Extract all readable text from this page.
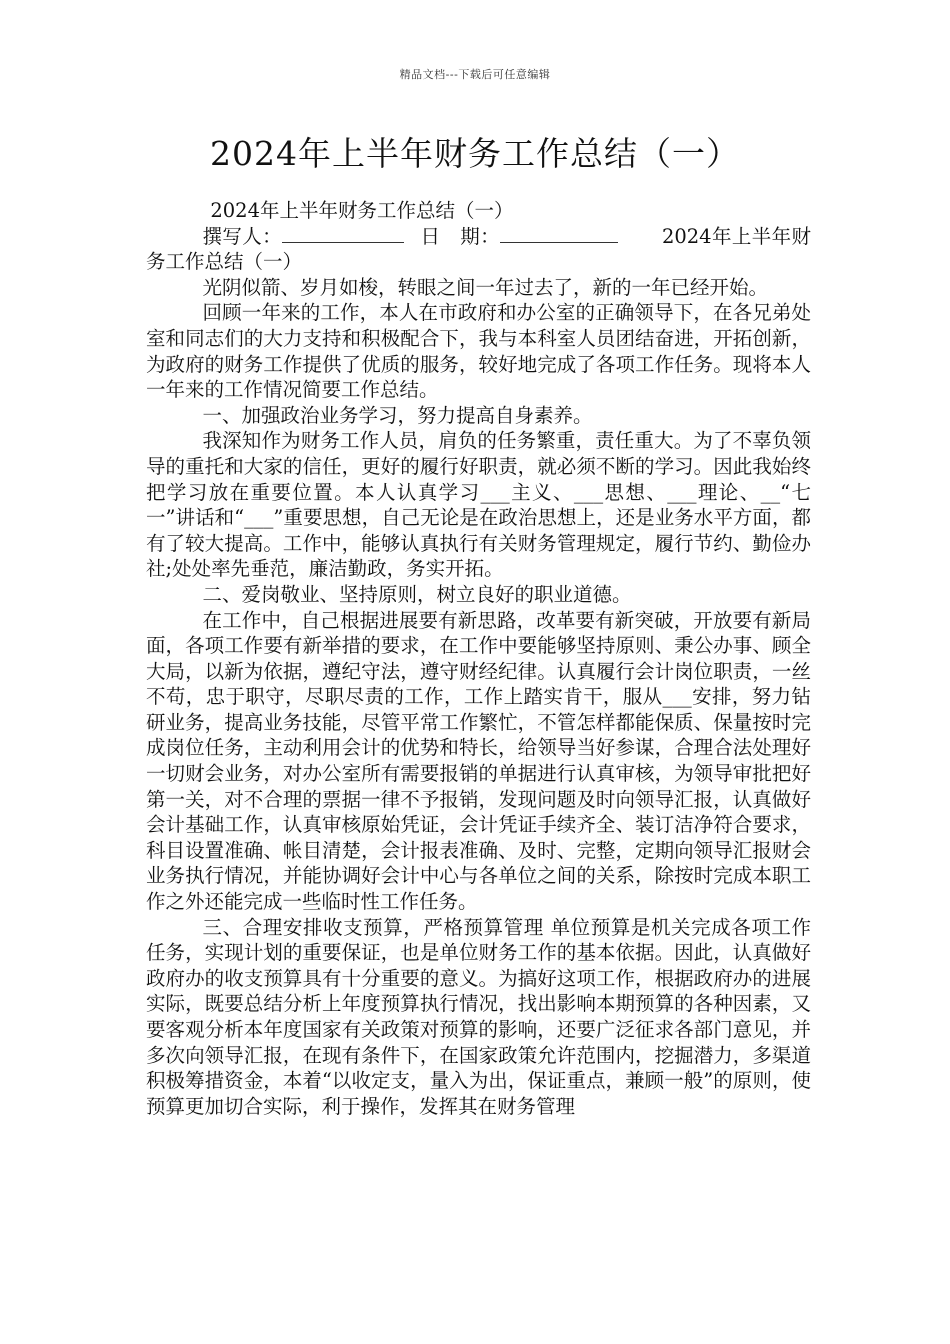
精品文档---下载后可任意编辑
2024年上半年财务工作总结（一）

2024年上半年财务工作总结（一）

撰写人：	日　期：	2024年上半年财务工作总结（一）

光阴似箭、岁月如梭，转眼之间一年过去了，新的一年已经开始。

回顾一年来的工作，本人在市政府和办公室的正确领导下，在各兄弟处室和同志们的大力支持和积极配合下，我与本科室人员团结奋进，开拓创新，为政府的财务工作提供了优质的服务，较好地完成了各项工作任务。现将本人一年来的工作情况简要工作总结。

一、加强政治业务学习，努力提高自身素养。

我深知作为财务工作人员，肩负的任务繁重，责任重大。为了不辜负领导的重托和大家的信任，更好的履行好职责，就必须不断的学习。因此我始终把学习放在重要位置。本人认真学习___主义、___思想、___理论、__“七一”讲话和“___”重要思想，自己无论是在政治思想上，还是业务水平方面，都有了较大提高。工作中，能够认真执行有关财务管理规定，履行节约、勤俭办社;处处率先垂范，廉洁勤政，务实开拓。

二、爱岗敬业、坚持原则，树立良好的职业道德。

在工作中，自己根据进展要有新思路，改革要有新突破，开放要有新局面，各项工作要有新举措的要求，在工作中要能够坚持原则、秉公办事、顾全大局，以新为依据，遵纪守法，遵守财经纪律。认真履行会计岗位职责，一丝不苟，忠于职守，尽职尽责的工作，工作上踏实肯干，服从___安排，努力钻研业务，提高业务技能，尽管平常工作繁忙，不管怎样都能保质、保量按时完成岗位任务，主动利用会计的优势和特长，给领导当好参谋，合理合法处理好一切财会业务，对办公室所有需要报销的单据进行认真审核，为领导审批把好第一关，对不合理的票据一律不予报销，发现问题及时向领导汇报，认真做好会计基础工作，认真审核原始凭证，会计凭证手续齐全、装订洁净符合要求，科目设置准确、帐目清楚，会计报表准确、及时、完整，定期向领导汇报财会业务执行情况，并能协调好会计中心与各单位之间的关系，除按时完成本职工作之外还能完成一些临时性工作任务。

三、合理安排收支预算，严格预算管理 单位预算是机关完成各项工作任务，实现计划的重要保证，也是单位财务工作的基本依据。因此，认真做好政府办的收支预算具有十分重要的意义。为搞好这项工作，根据政府办的进展实际，既要总结分析上年度预算执行情况，找出影响本期预算的各种因素，又要客观分析本年度国家有关政策对预算的影响，还要广泛征求各部门意见，并多次向领导汇报，在现有条件下，在国家政策允许范围内，挖掘潜力，多渠道积极筹措资金，本着“以收定支，量入为出，保证重点，兼顾一般”的原则，使预算更加切合实际，利于操作，发挥其在财务管理
